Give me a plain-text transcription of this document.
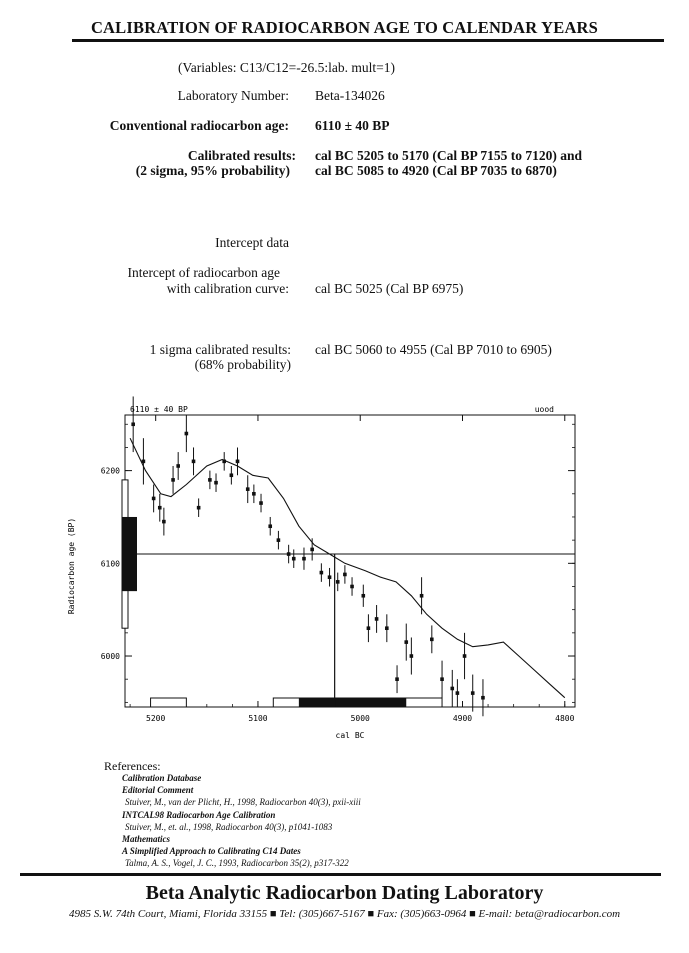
CALIBRATION OF RADIOCARBON AGE TO CALENDAR YEARS
(Variables: C13/C12=-26.5:lab. mult=1)
Laboratory Number: Beta-134026
Conventional radiocarbon age: 6110 ± 40 BP
Calibrated results:
(2 sigma, 95% probability)
cal BC 5205 to 5170 (Cal BP 7155 to 7120) and
cal BC 5085 to 4920 (Cal BP 7035 to 6870)
Intercept data
Intercept of radiocarbon age
with calibration curve: cal BC 5025 (Cal BP 6975)
1 sigma calibrated results:
(68% probability)
cal BC 5060 to 4955 (Cal BP 7010 to 6905)
6110 ± 40 BP	uood
cal BC
Radiocarbon age (BP)
5200	5100	5000	4900	4800
6200
6100
6000
References:
Calibration Database
Editorial Comment
Stuiver, M., van der Plicht, H., 1998, Radiocarbon 40(3), pxii-xiii
INTCAL98 Radiocarbon Age Calibration
Stuiver, M., et. al., 1998, Radiocarbon 40(3), p1041-1083
Mathematics
A Simplified Approach to Calibrating C14 Dates
Talma, A. S., Vogel, J. C., 1993, Radiocarbon 35(2), p317-322
Beta Analytic Radiocarbon Dating Laboratory
4985 S.W. 74th Court, Miami, Florida 33155 ■ Tel: (305)667-5167 ■ Fax: (305)663-0964 ■ E-mail: beta@radiocarbon.com
